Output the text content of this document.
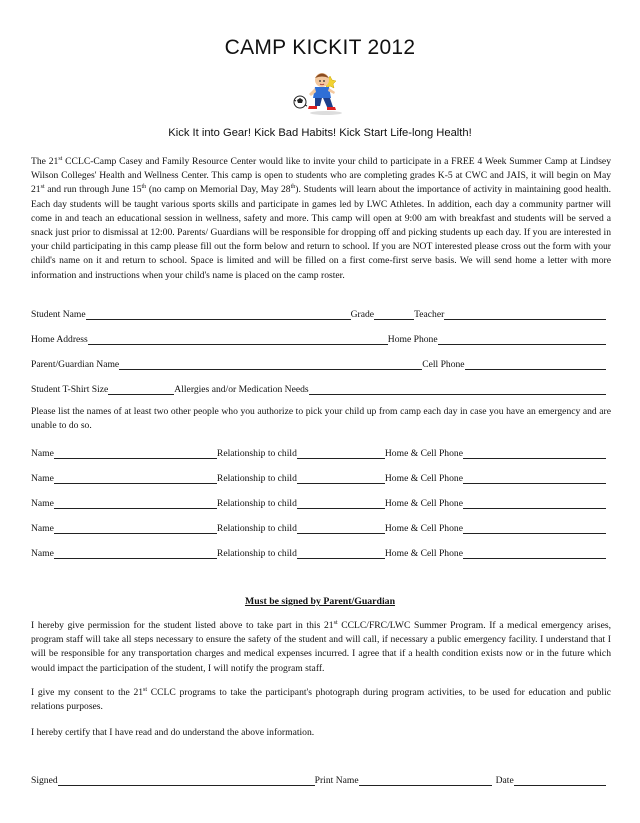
CAMP KICKIT 2012
Kick It into Gear! Kick Bad Habits! Kick Start Life-long Health!

The 21st CCLC-Camp Casey and Family Resource Center would like to invite your child to participate in a FREE 4 Week Summer Camp at Lindsey Wilson Colleges' Health and Wellness Center. This camp is open to students who are completing grades K-5 at CWC and JAIS, it will begin on May 21st and run through June 15th (no camp on Memorial Day, May 28th). Students will learn about the importance of activity in maintaining good health. Each day students will be taught various sports skills and participate in games led by LWC Athletes. In addition, each day a community partner will come in and teach an educational session in wellness, safety and more. This camp will open at 9:00 am with breakfast and students will be served a snack just prior to dismissal at 12:00. Parents/ Guardians will be responsible for dropping off and picking students up each day. If you are interested in your child participating in this camp please fill out the form below and return to school. If you are NOT interested please cross out the form with your child's name on it and return to school. Space is limited and will be filled on a first come-first serve basis. We will send home a letter with more information and instructions when your child's name is placed on the camp roster.

Student Name	Grade	Teacher
Home Address	Home Phone
Parent/Guardian Name	Cell Phone
Student T-Shirt Size	Allergies and/or Medication Needs
Please list the names of at least two other people who you authorize to pick your child up from camp each day in case you have an emergency and are unable to do so.
Name	Relationship to child	Home & Cell Phone
Name	Relationship to child	Home & Cell Phone
Name	Relationship to child	Home & Cell Phone
Name	Relationship to child	Home & Cell Phone
Name	Relationship to child	Home & Cell Phone
Must be signed by Parent/Guardian

I hereby give permission for the student listed above to take part in this 21st CCLC/FRC/LWC Summer Program. If a medical emergency arises, program staff will take all steps necessary to ensure the safety of the student and will call, if necessary a public emergency facility. I understand that I will be responsible for any transportation charges and medical expenses incurred. I agree that if a health condition exists now or in the future which would impact the participation of the student, I will notify the program staff.

I give my consent to the 21st CCLC programs to take the participant's photograph during program activities, to be used for education and public relations purposes.

I hereby certify that I have read and do understand the above information.
Signed	Print Name	Date
